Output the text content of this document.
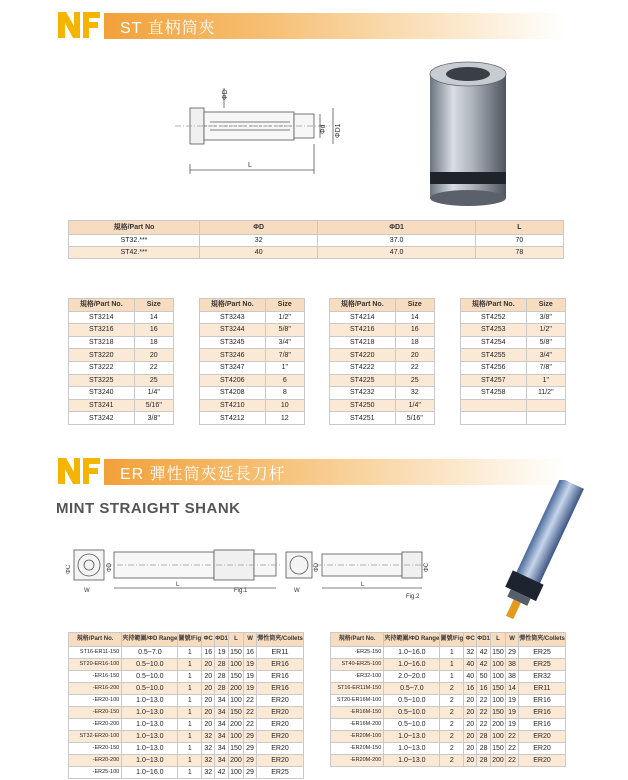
ST 直柄筒夾
ΦD
Φd ΦD1
L
規格/Part No	ΦD	ΦD1	L
ST32.***	32	37.0	70
ST42.***	40	47.0	78
規格/Part No.	Size
ST3214	14
ST3216	16
ST3218	18
ST3220	20
ST3222	22
ST3225	25
ST3240	1/4"
ST3241	5/16"
ST3242	3/8"
規格/Part No.	Size
ST3243	1/2"
ST3244	5/8"
ST3245	3/4"
ST3246	7/8"
ST3247	1"
ST4206	6
ST4208	8
ST4210	10
ST4212	12
規格/Part No.	Size
ST4214	14
ST4216	16
ST4218	18
ST4220	20
ST4222	22
ST4225	25
ST4232	32
ST4250	1/4"
ST4251	5/16"
規格/Part No.	Size
ST4252	3/8"
ST4253	1/2"
ST4254	5/8"
ST4255	3/4"
ST4256	7/8"
ST4257	1"
ST4258	11/2"

ER 彈性筒夾延長刀杆
MINT STRAIGHT SHANK
ΦC	ΦD
W
L
Fig.1	W
ΦD
L
ΦC
Fig.2
規格/Part No.	夾持範圍/ΦD Range	圖號/Fig	ΦC	ΦD1	L	W	彈性筒夾/Collets
ST16-ER11-150	0.5~7.0	1	16	19	150	16	ER11
ST20-ER16-100	0.5~10.0	1	20	28	100	19	ER16
-ER16-150	0.5~10.0	1	20	28	150	19	ER16
-ER16-200	0.5~10.0	1	20	28	200	19	ER16
-ER20-100	1.0~13.0	1	20	34	100	22	ER20
-ER20-150	1.0~13.0	1	20	34	150	22	ER20
-ER20-200	1.0~13.0	1	20	34	200	22	ER20
ST32-ER20-100	1.0~13.0	1	32	34	100	29	ER20
-ER20-150	1.0~13.0	1	32	34	150	29	ER20
-ER20-200	1.0~13.0	1	32	34	200	29	ER20
-ER25-100	1.0~16.0	1	32	42	100	29	ER25
規格/Part No.	夾持範圍/ΦD Range	圖號/Fig	ΦC	ΦD1	L	W	彈性筒夾/Collets
-ER25-150	1.0~16.0	1	32	42	150	29	ER25
ST40-ER25-100	1.0~16.0	1	40	42	100	38	ER25
-ER32-100	2.0~20.0	1	40	50	100	38	ER32
ST16-ER11M-150	0.5~7.0	2	16	16	150	14	ER11
ST20-ER16M-100	0.5~10.0	2	20	22	100	19	ER16
-ER16M-150	0.5~10.0	2	20	22	150	19	ER16
-ER16M-200	0.5~10.0	2	20	22	200	19	ER16
-ER20M-100	1.0~13.0	2	20	28	100	22	ER20
-ER20M-150	1.0~13.0	2	20	28	150	22	ER20
-ER20M-200	1.0~13.0	2	20	28	200	22	ER20
